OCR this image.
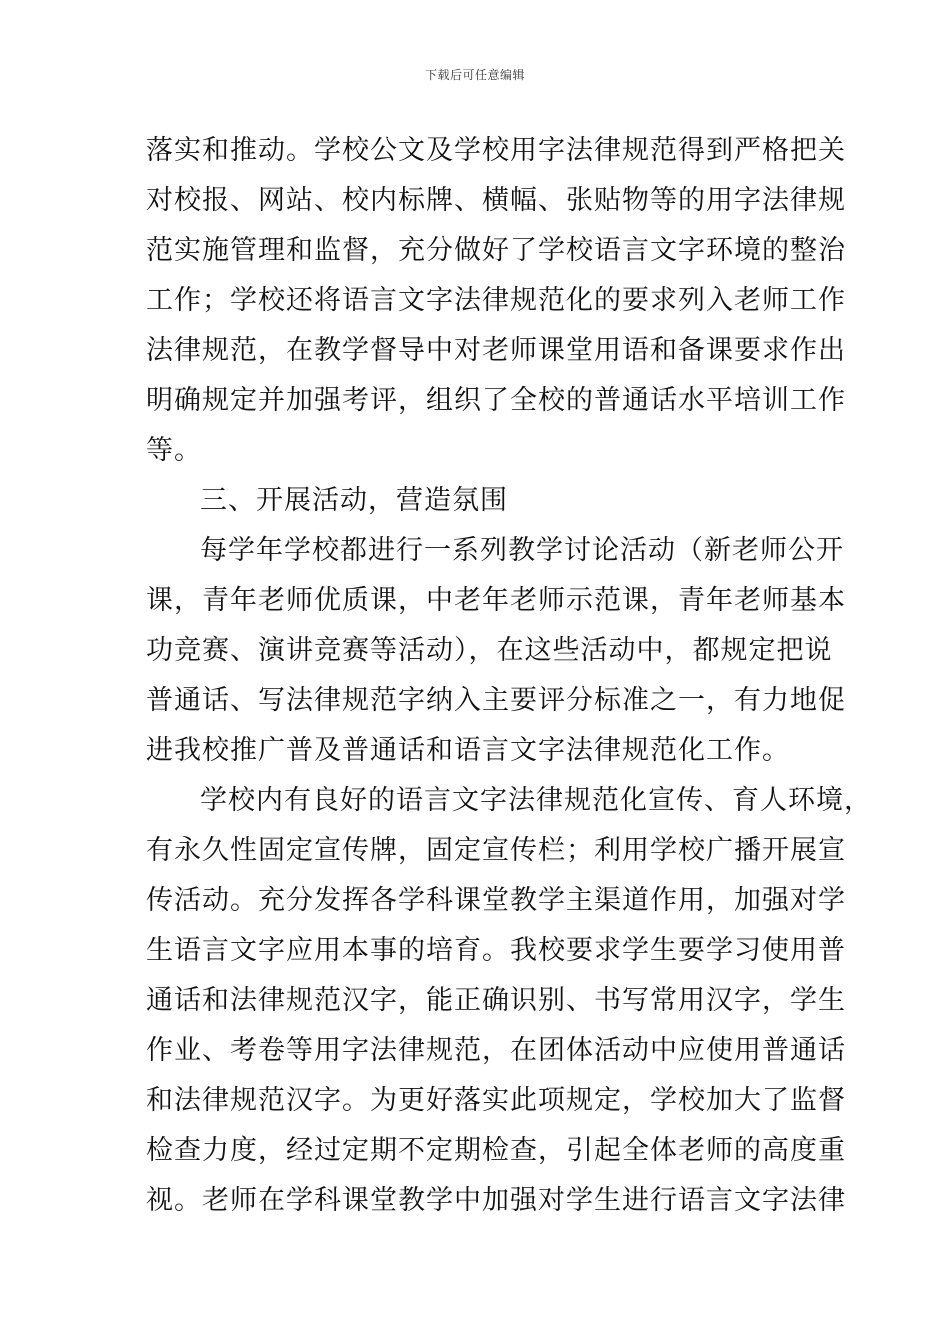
下载后可任意编辑
落实和推动。学校公文及学校用字法律规范得到严格把关
对校报、网站、校内标牌、横幅、张贴物等的用字法律规
范实施管理和监督，充分做好了学校语言文字环境的整治
工作；学校还将语言文字法律规范化的要求列入老师工作
法律规范，在教学督导中对老师课堂用语和备课要求作出
明确规定并加强考评，组织了全校的普通话水平培训工作
等。
三、开展活动，营造氛围
每学年学校都进行一系列教学讨论活动（新老师公开
课，青年老师优质课，中老年老师示范课，青年老师基本
功竞赛、演讲竞赛等活动），在这些活动中，都规定把说
普通话、写法律规范字纳入主要评分标准之一，有力地促
进我校推广普及普通话和语言文字法律规范化工作。
学校内有良好的语言文字法律规范化宣传、育人环境，
有永久性固定宣传牌，固定宣传栏；利用学校广播开展宣
传活动。充分发挥各学科课堂教学主渠道作用，加强对学
生语言文字应用本事的培育。我校要求学生要学习使用普
通话和法律规范汉字，能正确识别、书写常用汉字，学生
作业、考卷等用字法律规范，在团体活动中应使用普通话
和法律规范汉字。为更好落实此项规定，学校加大了监督
检查力度，经过定期不定期检查，引起全体老师的高度重
视。老师在学科课堂教学中加强对学生进行语言文字法律
